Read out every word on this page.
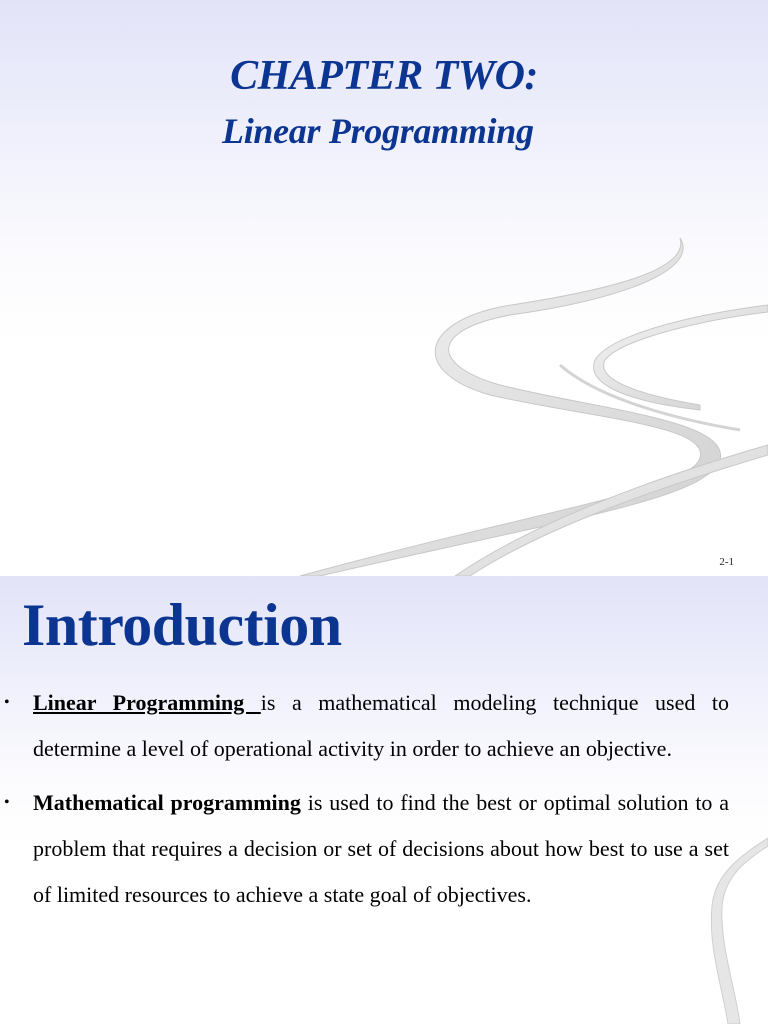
CHAPTER TWO:
Linear Programming
2-1
Introduction
• Linear Programming is a mathematical modeling technique used to determine a level of operational activity in order to achieve an objective.

• Mathematical programming is used to find the best or optimal solution to a problem that requires a decision or set of decisions about how best to use a set of limited resources to achieve a state goal of objectives.
